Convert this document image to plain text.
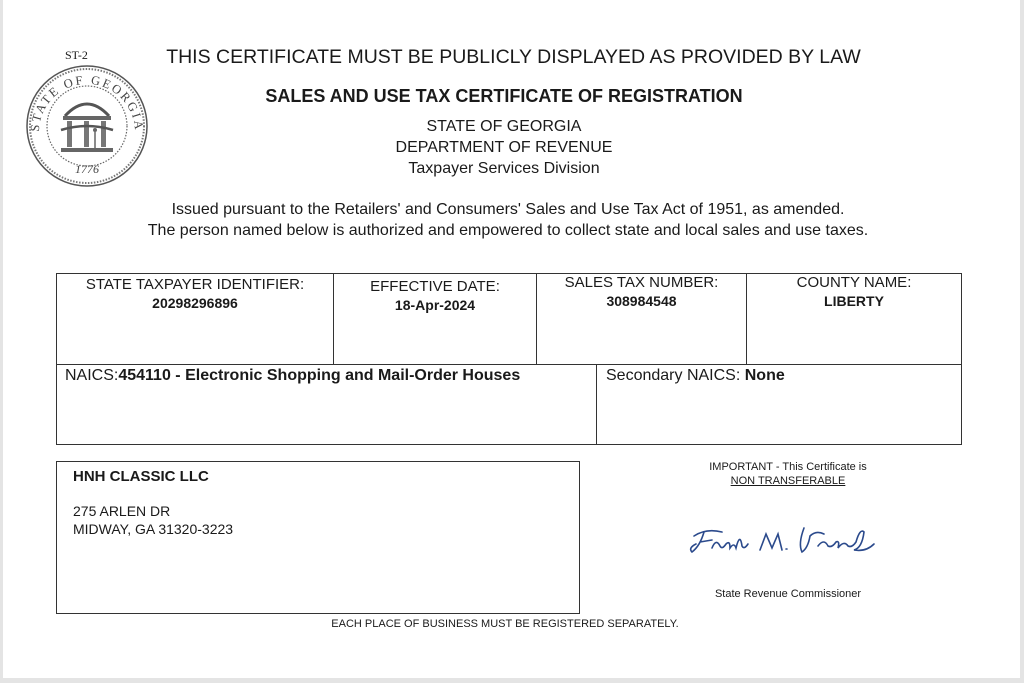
ST-2
STATE OF GEORGIA
1776
THIS CERTIFICATE MUST BE PUBLICLY DISPLAYED AS PROVIDED BY LAW
SALES AND USE TAX CERTIFICATE OF REGISTRATION
STATE OF GEORGIA
DEPARTMENT OF REVENUE
Taxpayer Services Division
Issued pursuant to the Retailers' and Consumers' Sales and Use Tax Act of 1951, as amended.
The person named below is authorized and empowered to collect state and local sales and use taxes.
STATE TAXPAYER IDENTIFIER:
20298296896
EFFECTIVE DATE:
18-Apr-2024
SALES TAX NUMBER:
308984548
COUNTY NAME:
LIBERTY
NAICS:454110 - Electronic Shopping and Mail-Order Houses	Secondary NAICS: None
HNH CLASSIC LLC
275 ARLEN DR
MIDWAY, GA 31320-3223
IMPORTANT - This Certificate is
NON TRANSFERABLE
State Revenue Commissioner
EACH PLACE OF BUSINESS MUST BE REGISTERED SEPARATELY.
